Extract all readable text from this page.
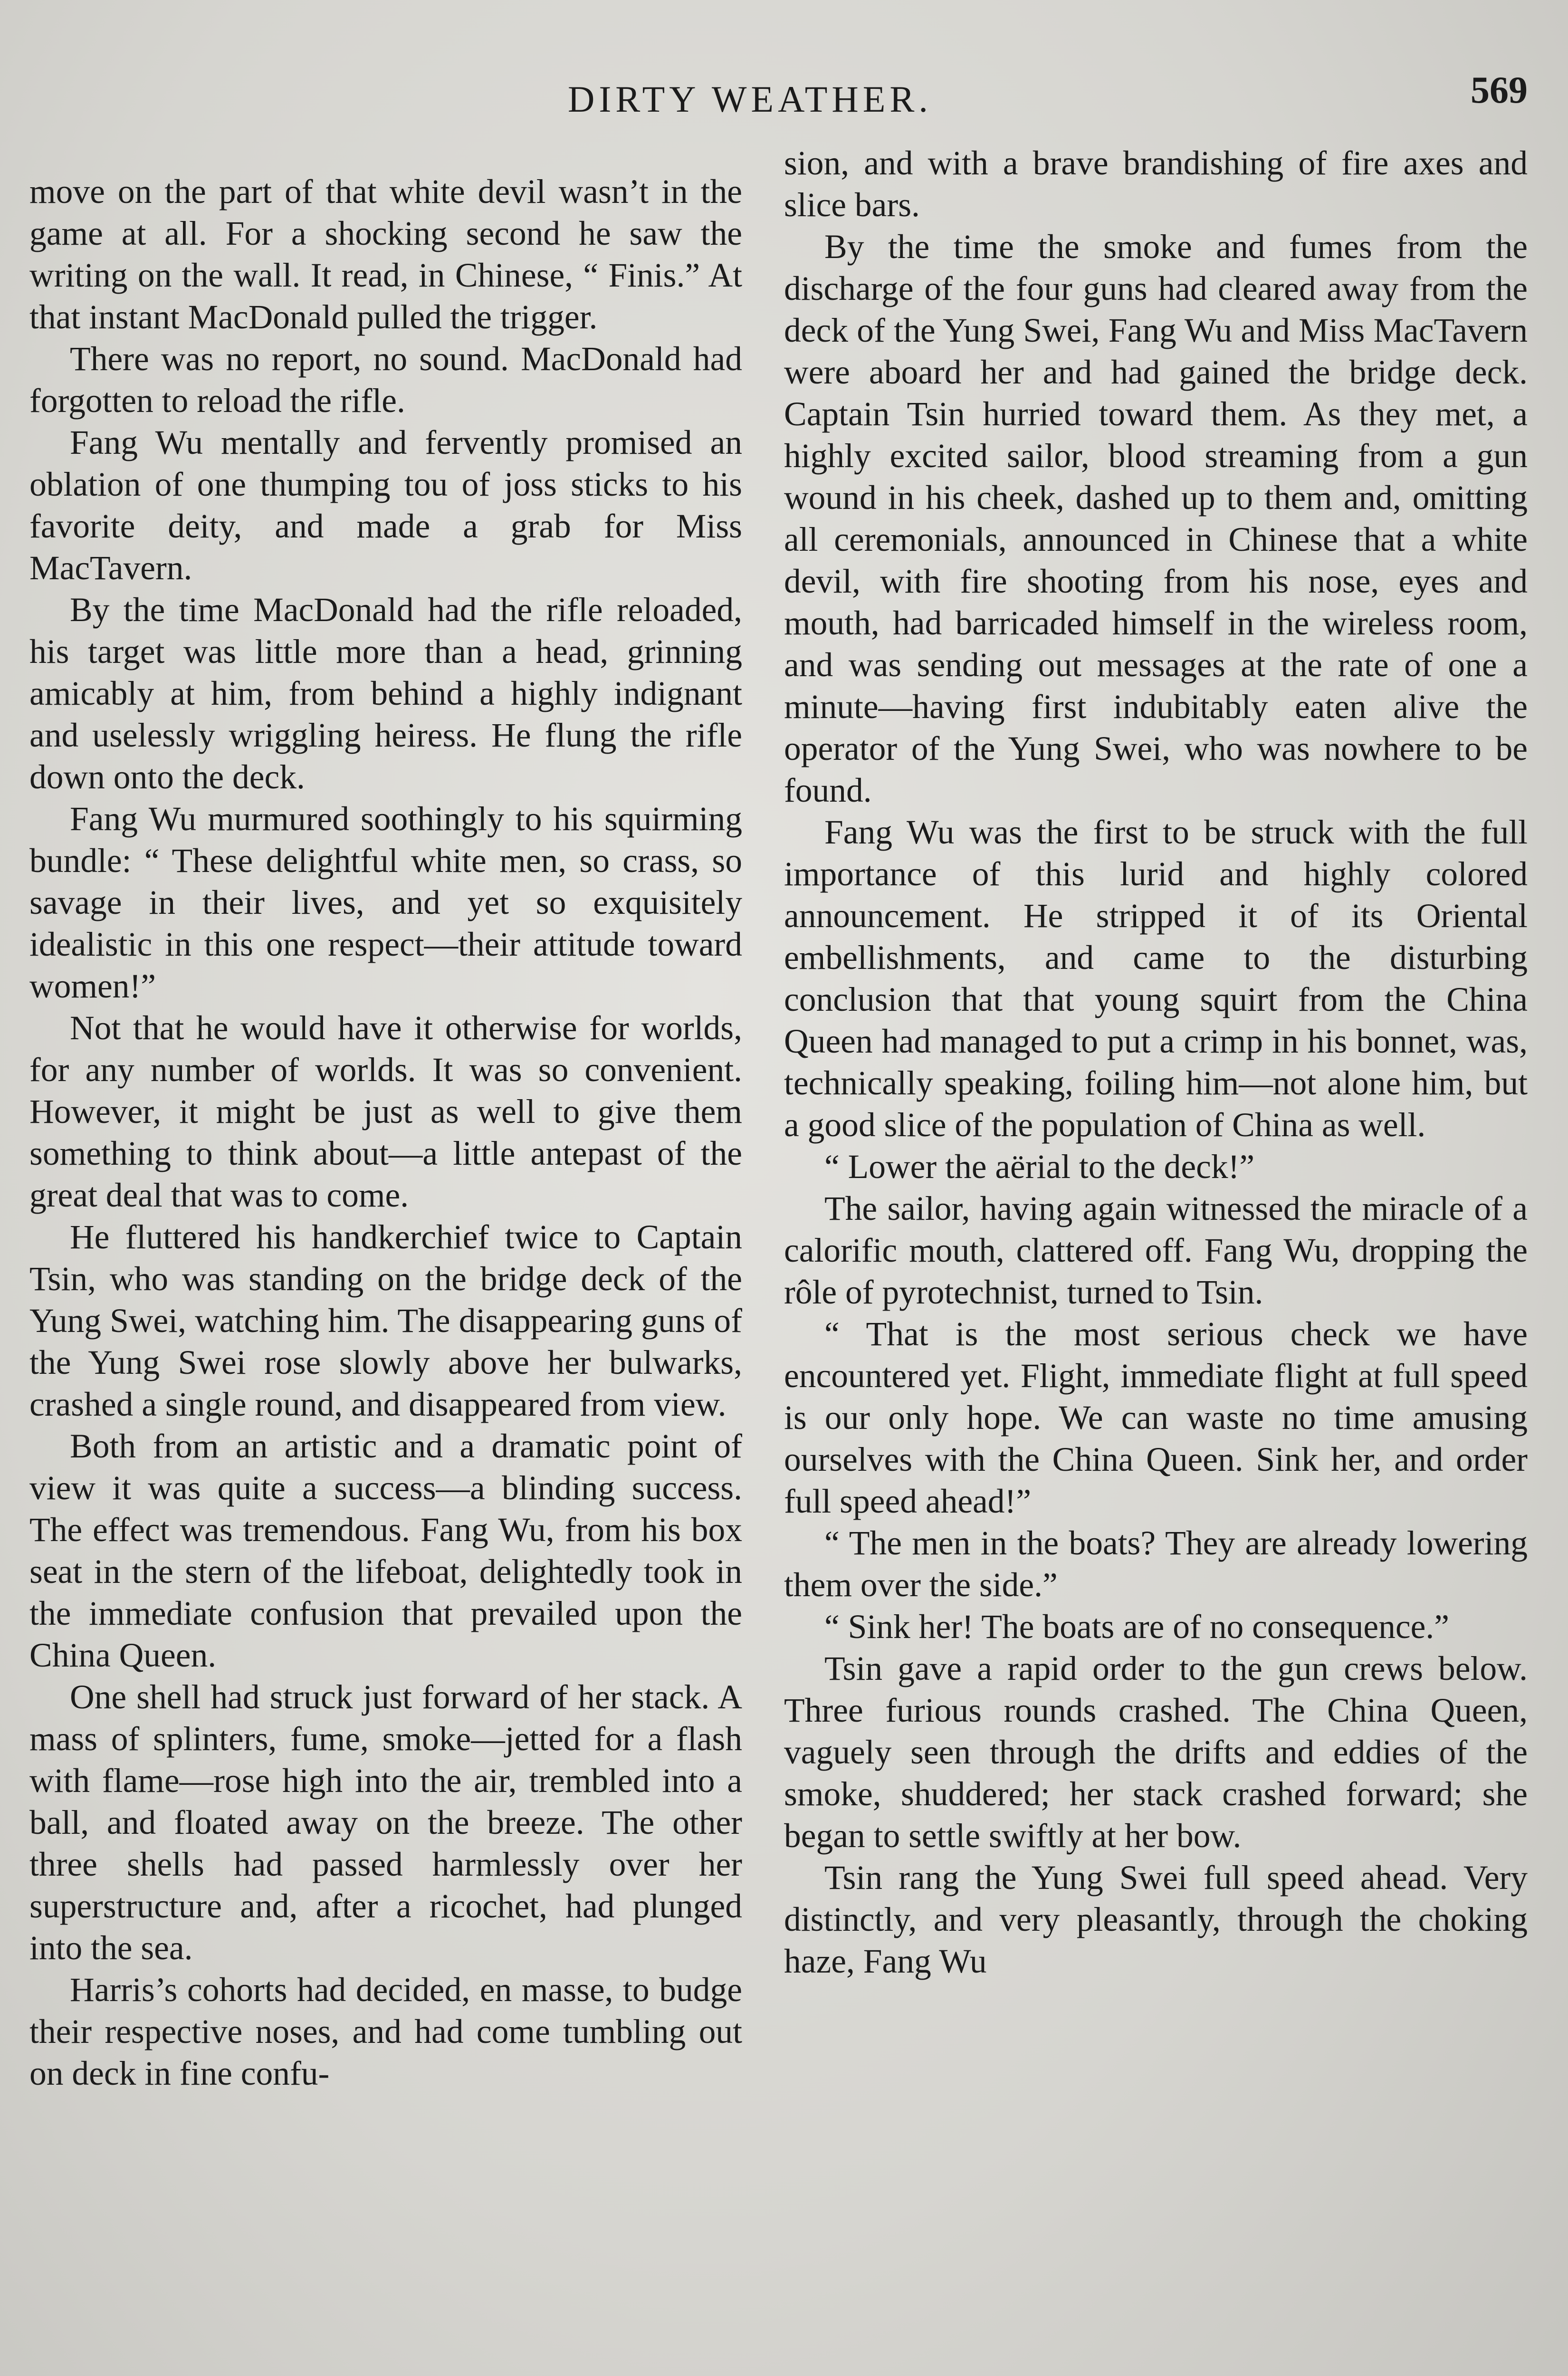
DIRTY WEATHER.	569

move on the part of that white devil wasn’t in the game at all. For a shocking second he saw the writing on the wall. It read, in Chinese, “ Finis.” At that instant MacDonald pulled the trigger.

There was no report, no sound. MacDonald had forgotten to reload the rifle.

Fang Wu mentally and fervently promised an oblation of one thumping tou of joss sticks to his favorite deity, and made a grab for Miss MacTavern.

By the time MacDonald had the rifle reloaded, his target was little more than a head, grinning amicably at him, from behind a highly indignant and uselessly wriggling heiress. He flung the rifle down onto the deck.

Fang Wu murmured soothingly to his squirming bundle: “ These delightful white men, so crass, so savage in their lives, and yet so exquisitely idealistic in this one respect—their attitude toward women!”

Not that he would have it otherwise for worlds, for any number of worlds. It was so convenient. However, it might be just as well to give them something to think about—a little antepast of the great deal that was to come.

He fluttered his handkerchief twice to Captain Tsin, who was standing on the bridge deck of the Yung Swei, watching him. The disappearing guns of the Yung Swei rose slowly above her bulwarks, crashed a single round, and disappeared from view.

Both from an artistic and a dramatic point of view it was quite a success—a blinding success. The effect was tremendous. Fang Wu, from his box seat in the stern of the lifeboat, delightedly took in the immediate confusion that prevailed upon the China Queen.

One shell had struck just forward of her stack. A mass of splinters, fume, smoke—jetted for a flash with flame—rose high into the air, trembled into a ball, and floated away on the breeze. The other three shells had passed harmlessly over her superstructure and, after a ricochet, had plunged into the sea.

Harris’s cohorts had decided, en masse, to budge their respective noses, and had come tumbling out on deck in fine confu-

sion, and with a brave brandishing of fire axes and slice bars.

By the time the smoke and fumes from the discharge of the four guns had cleared away from the deck of the Yung Swei, Fang Wu and Miss MacTavern were aboard her and had gained the bridge deck. Captain Tsin hurried toward them. As they met, a highly excited sailor, blood streaming from a gun wound in his cheek, dashed up to them and, omitting all ceremonials, announced in Chinese that a white devil, with fire shooting from his nose, eyes and mouth, had barricaded himself in the wireless room, and was sending out messages at the rate of one a minute—having first indubitably eaten alive the operator of the Yung Swei, who was nowhere to be found.

Fang Wu was the first to be struck with the full importance of this lurid and highly colored announcement. He stripped it of its Oriental embellishments, and came to the disturbing conclusion that that young squirt from the China Queen had managed to put a crimp in his bonnet, was, technically speaking, foiling him—not alone him, but a good slice of the population of China as well.

“ Lower the aërial to the deck!”

The sailor, having again witnessed the miracle of a calorific mouth, clattered off. Fang Wu, dropping the rôle of pyrotechnist, turned to Tsin.

“ That is the most serious check we have encountered yet. Flight, immediate flight at full speed is our only hope. We can waste no time amusing ourselves with the China Queen. Sink her, and order full speed ahead!”

“ The men in the boats? They are already lowering them over the side.”

“ Sink her! The boats are of no consequence.”

Tsin gave a rapid order to the gun crews below. Three furious rounds crashed. The China Queen, vaguely seen through the drifts and eddies of the smoke, shuddered; her stack crashed forward; she began to settle swiftly at her bow.

Tsin rang the Yung Swei full speed ahead. Very distinctly, and very pleasantly, through the choking haze, Fang Wu
